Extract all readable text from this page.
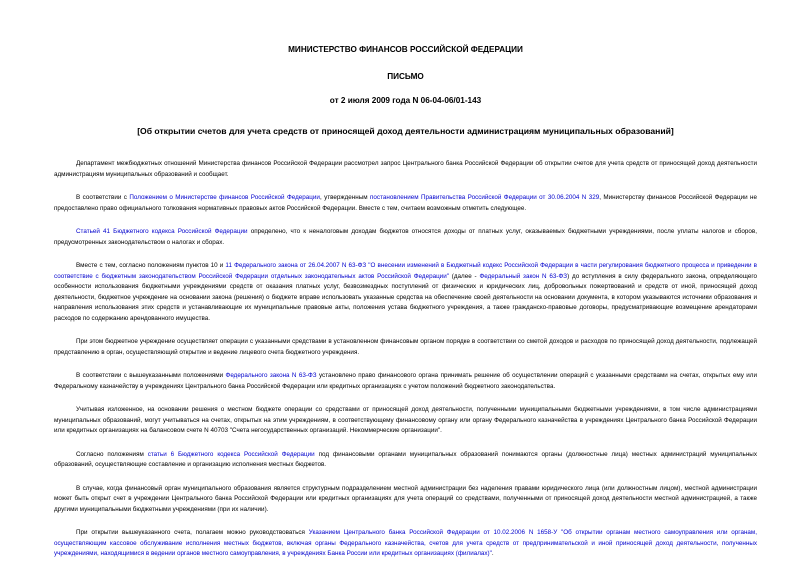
МИНИСТЕРСТВО ФИНАНСОВ РОССИЙСКОЙ ФЕДЕРАЦИИ

ПИСЬМО

от 2 июля 2009 года N 06-04-06/01-143

[Об открытии счетов для учета средств от приносящей доход деятельности администрациям муниципальных образований]

Департамент межбюджетных отношений Министерства финансов Российской Федерации рассмотрел запрос Центрального банка Российской Федерации об открытии счетов для учета средств от приносящей доход деятельности администрациям муниципальных образований и сообщает.

В соответствии с Положением о Министерстве финансов Российской Федерации, утвержденным постановлением Правительства Российской Федерации от 30.06.2004 N 329, Министерству финансов Российской Федерации не предоставлено право официального толкования нормативных правовых актов Российской Федерации. Вместе с тем, считаем возможным отметить следующее.

Статьей 41 Бюджетного кодекса Российской Федерации определено, что к неналоговым доходам бюджетов относятся доходы от платных услуг, оказываемых бюджетными учреждениями, после уплаты налогов и сборов, предусмотренных законодательством о налогах и сборах.

Вместе с тем, согласно положениям пунктов 10 и 11 Федерального закона от 26.04.2007 N 63-ФЗ "О внесении изменений в Бюджетный кодекс Российской Федерации в части регулирования бюджетного процесса и приведении в соответствие с бюджетным законодательством Российской Федерации отдельных законодательных актов Российской Федерации" (далее - Федеральный закон N 63-ФЗ) до вступления в силу федерального закона, определяющего особенности использования бюджетными учреждениями средств от оказания платных услуг, безвозмездных поступлений от физических и юридических лиц, добровольных пожертвований и средств от иной, приносящей доход деятельности, бюджетное учреждение на основании закона (решения) о бюджете вправе использовать указанные средства на обеспечение своей деятельности на основании документа, в котором указываются источники образования и направления использования этих средств и устанавливающие их муниципальные правовые акты, положения устава бюджетного учреждения, а также гражданско-правовые договоры, предусматривающие возмещение арендаторами расходов по содержанию арендованного имущества.

При этом бюджетное учреждение осуществляет операции с указанными средствами в установленном финансовым органом порядке в соответствии со сметой доходов и расходов по приносящей доход деятельности, подлежащей представлению в орган, осуществляющий открытие и ведение лицевого счета бюджетного учреждения.

В соответствии с вышеуказанными положениями Федерального закона N 63-ФЗ установлено право финансового органа принимать решение об осуществлении операций с указанными средствами на счетах, открытых ему или Федеральному казначейству в учреждениях Центрального банка Российской Федерации или кредитных организациях с учетом положений бюджетного законодательства.

Учитывая изложенное, на основании решения о местном бюджете операции со средствами от приносящей доход деятельности, полученными муниципальными бюджетными учреждениями, в том числе администрациями муниципальных образований, могут учитываться на счетах, открытых на этим учреждениям, в соответствующему финансовому органу или органу Федерального казначейства в учреждениях Центрального банка Российской Федерации или кредитных организациях на балансовом счете N 40703 "Счета негосударственных организаций. Некоммерческие организации".

Согласно положениям статьи 6 Бюджетного кодекса Российской Федерации под финансовыми органами муниципальных образований понимаются органы (должностные лица) местных администраций муниципальных образований, осуществляющие составление и организацию исполнения местных бюджетов.

В случае, когда финансовый орган муниципального образования является структурным подразделением местной администрации без наделения правами юридического лица (или должностным лицом), местной администрации может быть открыт счет в учреждении Центрального банка Российской Федерации или кредитных организациях для учета операций со средствами, полученными от приносящей доход деятельности местной администрацией, а также другими муниципальными бюджетными учреждениями (при их наличии).

При открытии вышеуказанного счета, полагаем можно руководствоваться Указанием Центрального банка Российской Федерации от 10.02.2006 N 1658-У "Об открытии органам местного самоуправления или органам, осуществляющим кассовое обслуживание исполнения местных бюджетов, включая органы Федерального казначейства, счетов для учета средств от предпринимательской и иной приносящей доход деятельности, полученных учреждениями, находящимися в ведении органов местного самоуправления, в учреждениях Банка России или кредитных организациях (филиалах)".
